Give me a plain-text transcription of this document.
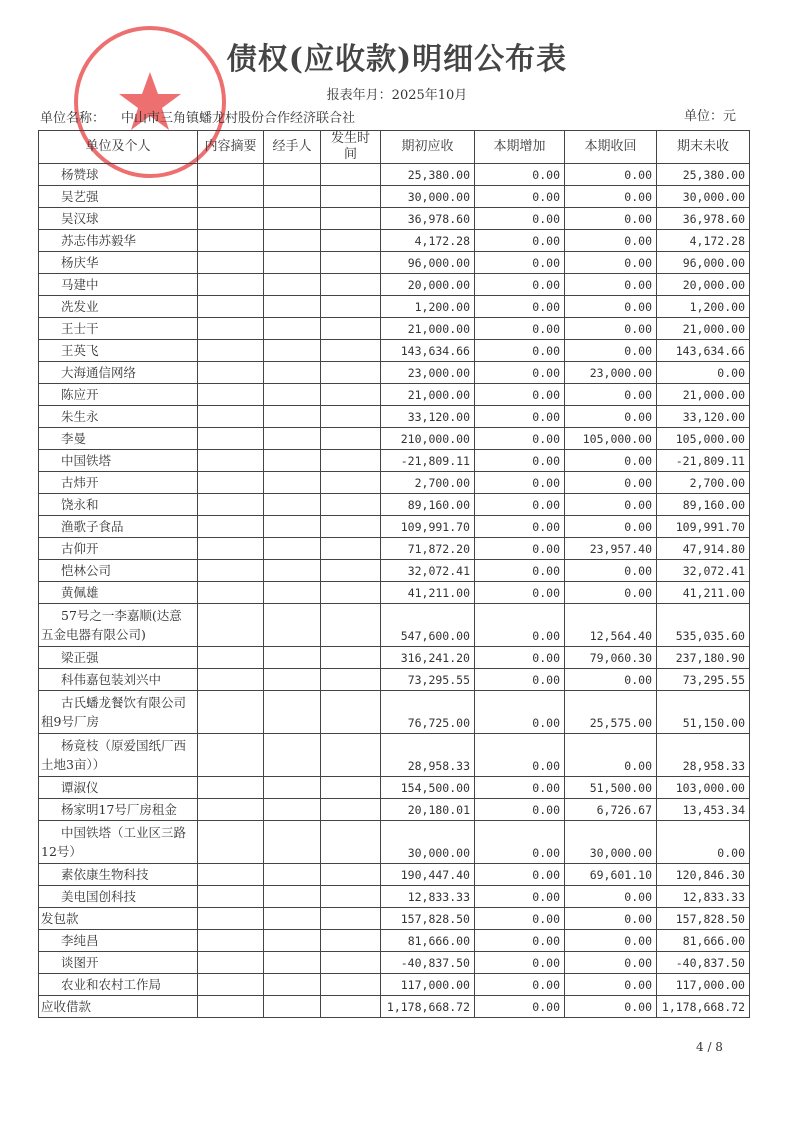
债权(应收款)明细公布表
报表年月：2025年10月
单位名称： 中山市三角镇蟠龙村股份合作经济联合社	单位：元
单位及个人	内容摘要	经手人	发生时间	期初应收	本期增加	本期收回	期末未收
杨赞球				25,380.00	0.00	0.00	25,380.00
吴艺强				30,000.00	0.00	0.00	30,000.00
吴汉球				36,978.60	0.00	0.00	36,978.60
苏志伟苏毅华				4,172.28	0.00	0.00	4,172.28
杨庆华				96,000.00	0.00	0.00	96,000.00
马建中				20,000.00	0.00	0.00	20,000.00
冼发业				1,200.00	0.00	0.00	1,200.00
王士干				21,000.00	0.00	0.00	21,000.00
王英飞				143,634.66	0.00	0.00	143,634.66
大海通信网络				23,000.00	0.00	23,000.00	0.00
陈应开				21,000.00	0.00	0.00	21,000.00
朱生永				33,120.00	0.00	0.00	33,120.00
李曼				210,000.00	0.00	105,000.00	105,000.00
中国铁塔				-21,809.11	0.00	0.00	-21,809.11
古炜开				2,700.00	0.00	0.00	2,700.00
饶永和				89,160.00	0.00	0.00	89,160.00
渔歌子食品				109,991.70	0.00	0.00	109,991.70
古仰开				71,872.20	0.00	23,957.40	47,914.80
恺林公司				32,072.41	0.00	0.00	32,072.41
黄佩雄				41,211.00	0.00	0.00	41,211.00
57号之一李嘉顺(达意五金电器有限公司)				547,600.00	0.00	12,564.40	535,035.60
梁正强				316,241.20	0.00	79,060.30	237,180.90
科伟嘉包装刘兴中				73,295.55	0.00	0.00	73,295.55
古氏蟠龙餐饮有限公司租9号厂房				76,725.00	0.00	25,575.00	51,150.00
杨竟枝（原爱国纸厂西土地3亩））				28,958.33	0.00	0.00	28,958.33
谭淑仪				154,500.00	0.00	51,500.00	103,000.00
杨家明17号厂房租金				20,180.01	0.00	6,726.67	13,453.34
中国铁塔（工业区三路12号）				30,000.00	0.00	30,000.00	0.00
素依康生物科技				190,447.40	0.00	69,601.10	120,846.30
美电国创科技				12,833.33	0.00	0.00	12,833.33
发包款				157,828.50	0.00	0.00	157,828.50
李纯昌				81,666.00	0.00	0.00	81,666.00
谈图开				-40,837.50	0.00	0.00	-40,837.50
农业和农村工作局				117,000.00	0.00	0.00	117,000.00
应收借款				1,178,668.72	0.00	0.00	1,178,668.72
4 / 8
